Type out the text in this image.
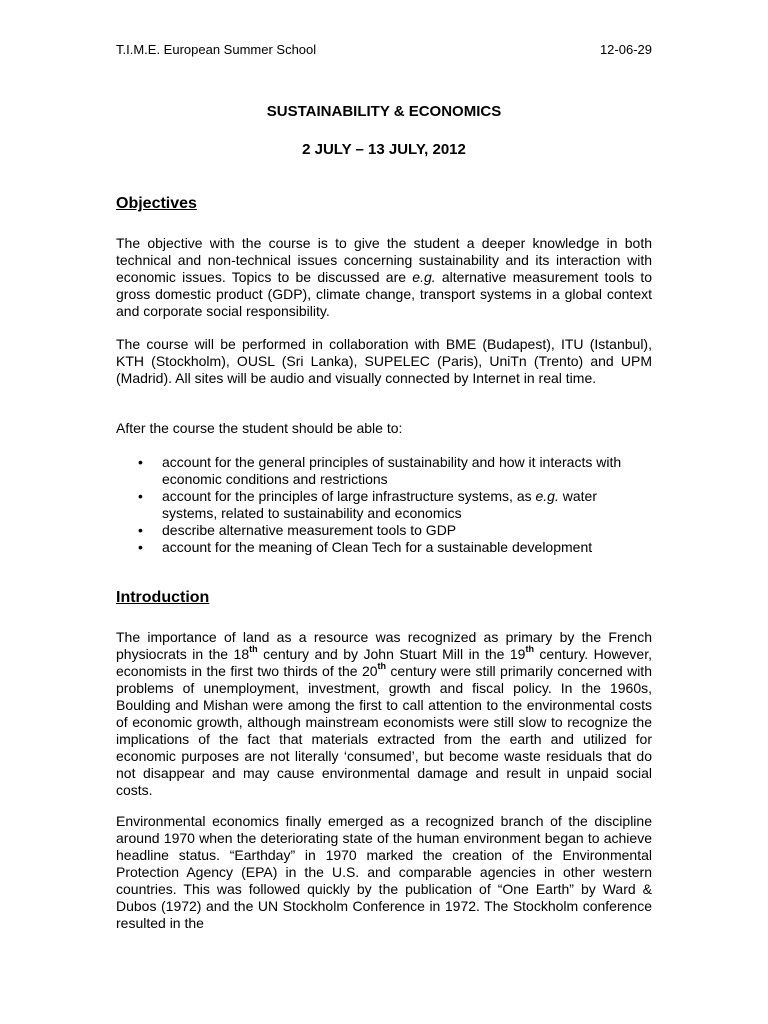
T.I.M.E. European Summer School	12-06-29
SUSTAINABILITY & ECONOMICS
2 JULY – 13 JULY, 2012
Objectives

The objective with the course is to give the student a deeper knowledge in both technical and non-technical issues concerning sustainability and its interaction with economic issues. Topics to be discussed are e.g. alternative measurement tools to gross domestic product (GDP), climate change, transport systems in a global context and corporate social responsibility.

The course will be performed in collaboration with BME (Budapest), ITU (Istanbul), KTH (Stockholm), OUSL (Sri Lanka), SUPELEC (Paris), UniTn (Trento) and UPM (Madrid). All sites will be audio and visually connected by Internet in real time.

After the course the student should be able to:

• account for the general principles of sustainability and how it interacts with economic conditions and restrictions
• account for the principles of large infrastructure systems, as e.g. water systems, related to sustainability and economics
• describe alternative measurement tools to GDP
• account for the meaning of Clean Tech for a sustainable development
Introduction

The importance of land as a resource was recognized as primary by the French physiocrats in the 18th century and by John Stuart Mill in the 19th century. However, economists in the first two thirds of the 20th century were still primarily concerned with problems of unemployment, investment, growth and fiscal policy. In the 1960s, Boulding and Mishan were among the first to call attention to the environmental costs of economic growth, although mainstream economists were still slow to recognize the implications of the fact that materials extracted from the earth and utilized for economic purposes are not literally ‘consumed’, but become waste residuals that do not disappear and may cause environmental damage and result in unpaid social costs.

Environmental economics finally emerged as a recognized branch of the discipline around 1970 when the deteriorating state of the human environment began to achieve headline status. “Earthday” in 1970 marked the creation of the Environmental Protection Agency (EPA) in the U.S. and comparable agencies in other western countries. This was followed quickly by the publication of “One Earth” by Ward & Dubos (1972) and the UN Stockholm Conference in 1972. The Stockholm conference resulted in the
